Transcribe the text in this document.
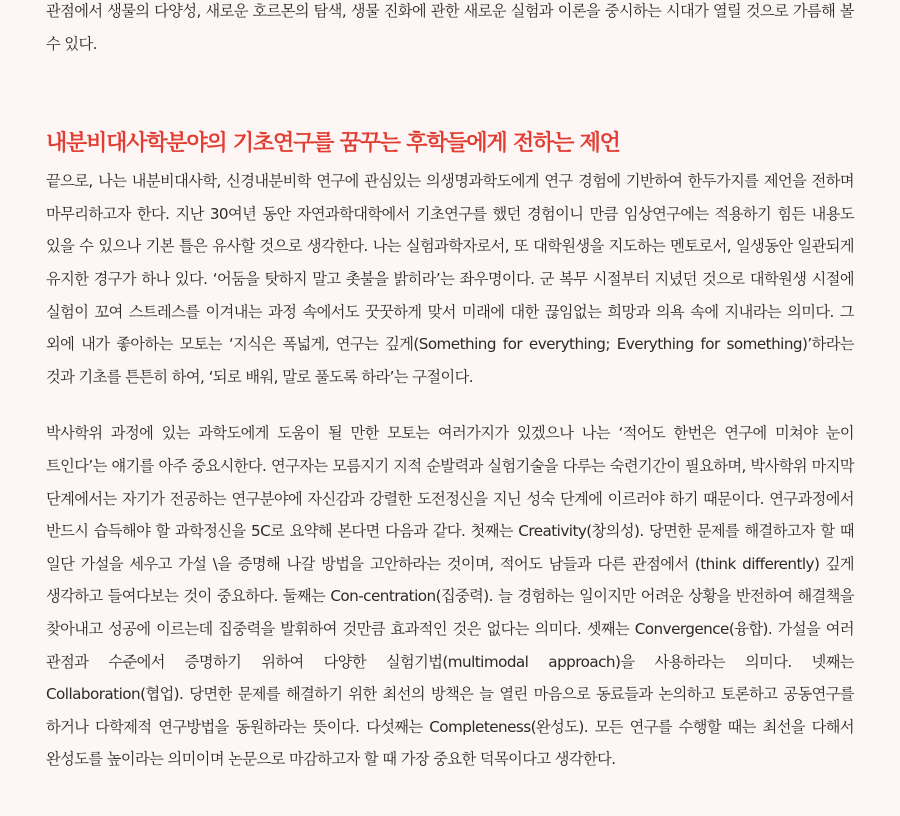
관점에서 생물의 다양성, 새로운 호르몬의 탐색, 생물 진화에 관한 새로운 실험과 이론을 중시하는 시대가 열릴 것으로 가름해 볼 수 있다.

내분비대사학분야의 기초연구를 꿈꾸는 후학들에게 전하는 제언

끝으로, 나는 내분비대사학, 신경내분비학 연구에 관심있는 의생명과학도에게 연구 경험에 기반하여 한두가지를 제언을 전하며 마무리하고자 한다. 지난 30여년 동안 자연과학대학에서 기초연구를 했던 경험이니 만큼 임상연구에는 적용하기 힘든 내용도 있을 수 있으나 기본 틀은 유사할 것으로 생각한다. 나는 실험과학자로서, 또 대학원생을 지도하는 멘토로서, 일생동안 일관되게 유지한 경구가 하나 있다. ‘어둠을 탓하지 말고 촛불을 밝히라’는 좌우명이다. 군 복무 시절부터 지녔던 것으로 대학원생 시절에 실험이 꼬여 스트레스를 이겨내는 과정 속에서도 꿋꿋하게 맞서 미래에 대한 끊임없는 희망과 의욕 속에 지내라는 의미다. 그 외에 내가 좋아하는 모토는 ‘지식은 폭넓게, 연구는 깊게(Something for everything; Everything for something)’하라는 것과 기초를 튼튼히 하여, ‘되로 배워, 말로 풀도록 하라’는 구절이다.

박사학위 과정에 있는 과학도에게 도움이 될 만한 모토는 여러가지가 있겠으나 나는 ‘적어도 한번은 연구에 미쳐야 눈이 트인다’는 얘기를 아주 중요시한다. 연구자는 모름지기 지적 순발력과 실험기술을 다루는 숙련기간이 필요하며, 박사학위 마지막 단계에서는 자기가 전공하는 연구분야에 자신감과 강렬한 도전정신을 지닌 성숙 단계에 이르러야 하기 때문이다. 연구과정에서 반드시 습득해야 할 과학정신을 5C로 요약해 본다면 다음과 같다. 첫째는 Creativity(창의성). 당면한 문제를 해결하고자 할 때 일단 가설을 세우고 가설 \을 증명해 나갈 방법을 고안하라는 것이며, 적어도 남들과 다른 관점에서 (think differently) 깊게 생각하고 들여다보는 것이 중요하다. 둘째는 Con-centration(집중력). 늘 경험하는 일이지만 어려운 상황을 반전하여 해결책을 찾아내고 성공에 이르는데 집중력을 발휘하여 것만큼 효과적인 것은 없다는 의미다. 셋째는 Convergence(융합). 가설을 여러 관점과 수준에서 증명하기 위하여 다양한 실험기법(multimodal approach)을 사용하라는 의미다. 넷째는 Collaboration(협업). 당면한 문제를 해결하기 위한 최선의 방책은 늘 열린 마음으로 동료들과 논의하고 토론하고 공동연구를 하거나 다학제적 연구방법을 동원하라는 뜻이다. 다섯째는 Completeness(완성도). 모든 연구를 수행할 때는 최선을 다해서 완성도를 높이라는 의미이며 논문으로 마감하고자 할 때 가장 중요한 덕목이다고 생각한다.
